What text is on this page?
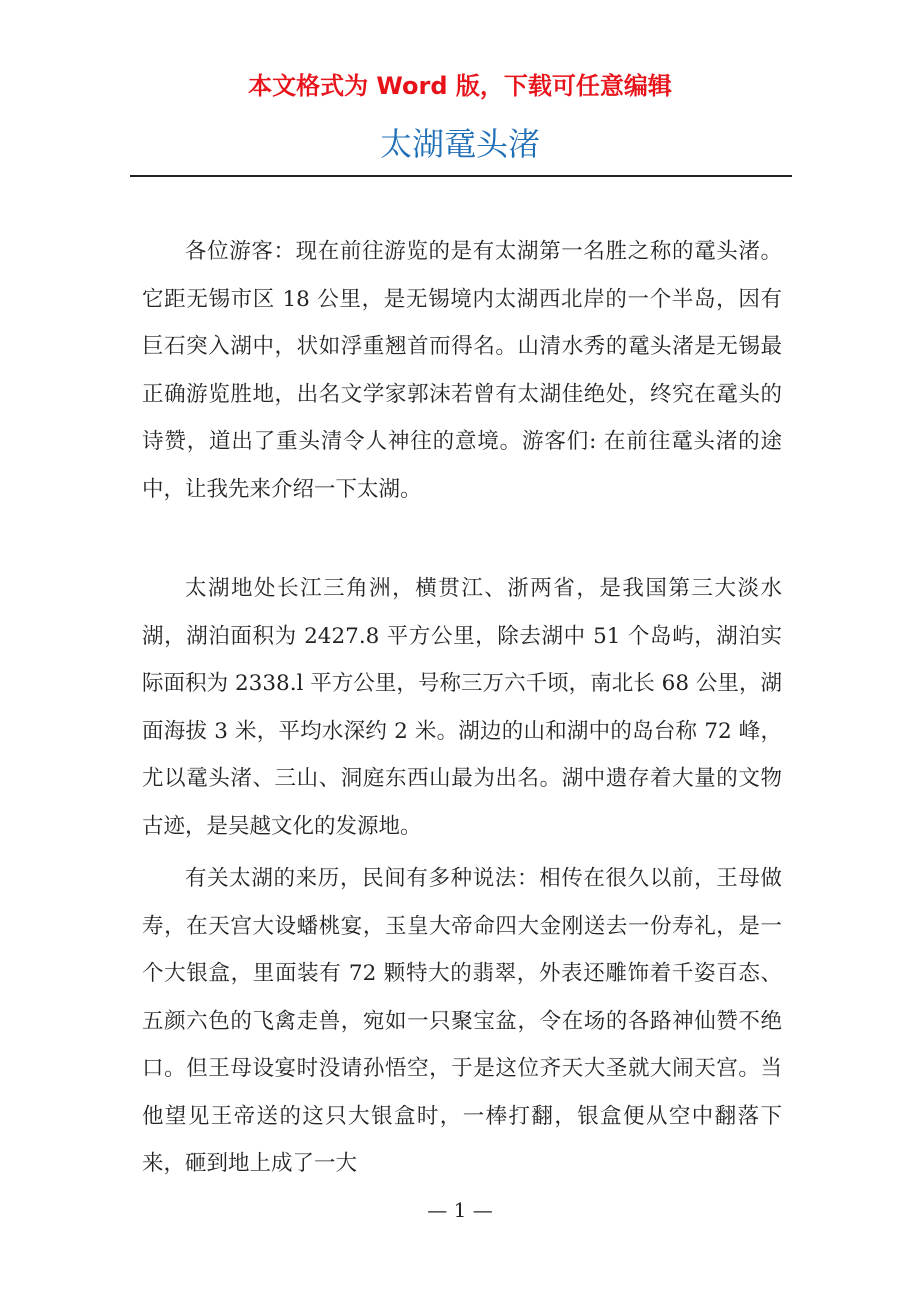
本文格式为 Word 版，下载可任意编辑
太湖鼋头渚

各位游客：现在前往游览的是有太湖第一名胜之称的鼋头渚。它距无锡市区 18 公里，是无锡境内太湖西北岸的一个半岛，因有巨石突入湖中，状如浮重翘首而得名。山清水秀的鼋头渚是无锡最正确游览胜地，出名文学家郭沫若曾有太湖佳绝处，终究在鼋头的诗赞，道出了重头清令人神往的意境。游客们: 在前往鼋头渚的途中，让我先来介绍一下太湖。

太湖地处长江三角洲，横贯江、浙两省，是我国第三大淡水湖，湖泊面积为 2427.8 平方公里，除去湖中 51 个岛屿，湖泊实际面积为 2338.l 平方公里，号称三万六千顷，南北长 68 公里，湖面海拔 3 米，平均水深约 2 米。湖边的山和湖中的岛台称 72 峰，尤以鼋头渚、三山、洞庭东西山最为出名。湖中遗存着大量的文物古迹，是吴越文化的发源地。

有关太湖的来历，民间有多种说法：相传在很久以前，王母做寿，在天宫大设蟠桃宴，玉皇大帝命四大金刚送去一份寿礼，是一个大银盒，里面装有 72 颗特大的翡翠，外表还雕饰着千姿百态、五颜六色的飞禽走兽，宛如一只聚宝盆，令在场的各路神仙赞不绝口。但王母设宴时没请孙悟空，于是这位齐天大圣就大闹天宫。当他望见王帝送的这只大银盒时，一棒打翻，银盒便从空中翻落下来，砸到地上成了一大

— 1 —
